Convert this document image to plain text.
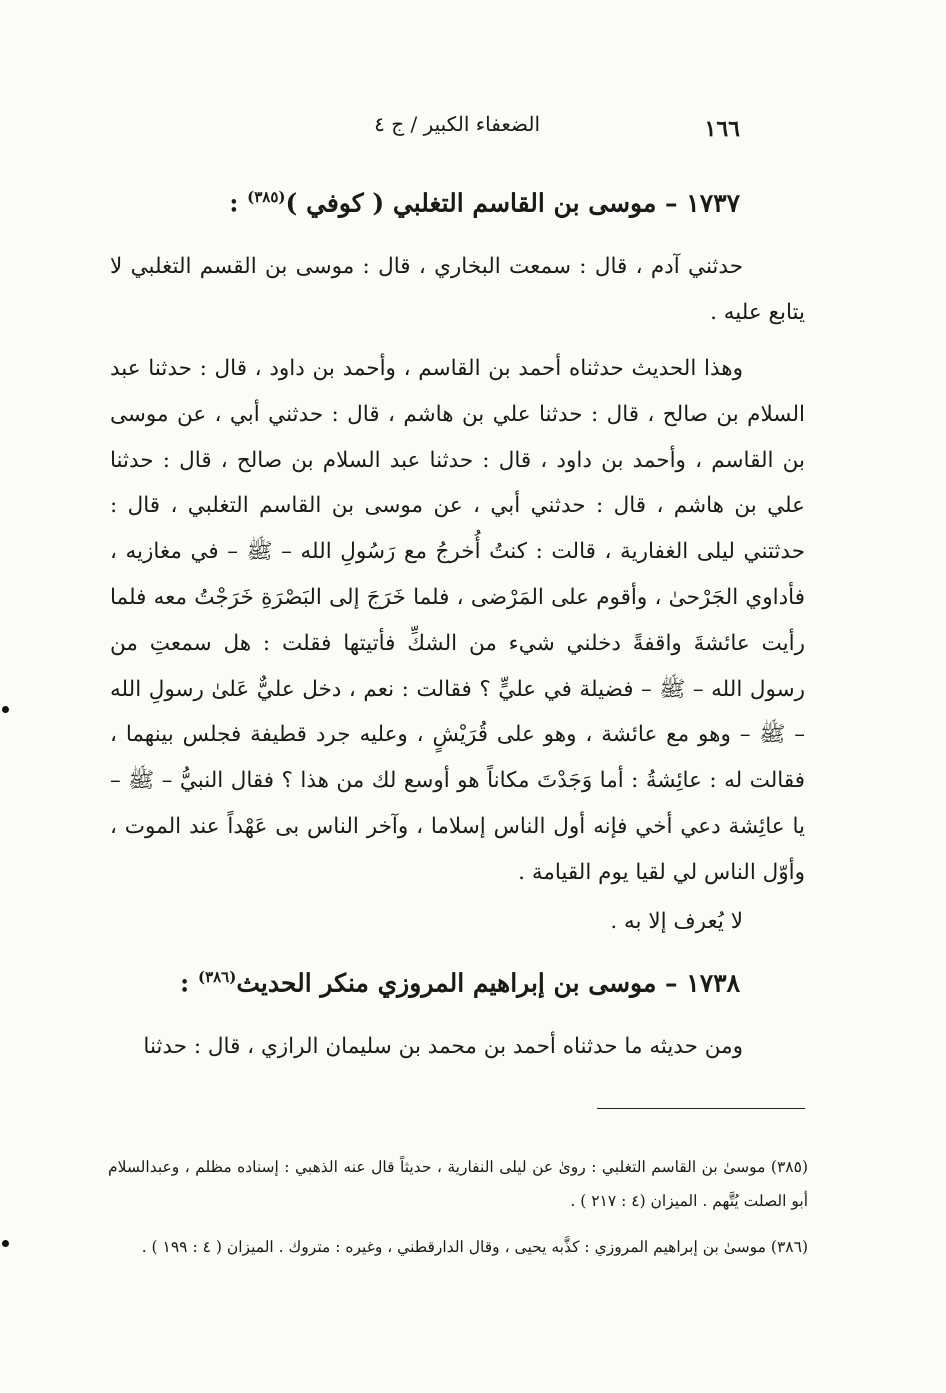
١٦٦
الضعفاء الكبير / ج ٤
١٧٣٧ – موسى بن القاسم التغلبي ( كوفي )$^{(٣٨٥)}$ :
حدثني آدم ، قال : سمعت البخاري ، قال : موسى بن القسم التغلبي لا يتابع عليه .
وهذا الحديث حدثناه أحمد بن القاسم ، وأحمد بن داود ، قال : حدثنا عبد السلام بن صالح ، قال : حدثنا علي بن هاشم ، قال : حدثني أبي ، عن موسى بن القاسم ، وأحمد بن داود ، قال : حدثنا عبد السلام بن صالح ، قال : حدثنا علي بن هاشم ، قال : حدثني أبي ، عن موسى بن القاسم التغلبي ، قال : حدثتني ليلى الغفارية ، قالت : كنتُ أُخرجُ مع رَسُولِ الله – ﷺ – في مغازيه ، فأداوي الجَرْحىٰ ، وأقوم على المَرْضى ، فلما خَرَجَ إلى البَصْرَةِ خَرَجْتُ معه فلما رأيت عائشةَ واقفةً دخلني شيء من الشكِّ فأتيتها فقلت : هل سمعتِ من رسول الله – ﷺ – فضيلة في عليٍّ ؟ فقالت : نعم ، دخل عليٌّ عَلىٰ رسولِ الله – ﷺ – وهو مع عائشة ، وهو على قُرَيْشٍ ، وعليه جرد قطيفة فجلس بينهما ، فقالت له : عائِشةُ : أما وَجَدْتَ مكاناً هو أوسع لك من هذا ؟ فقال النبيُّ – ﷺ – يا عائِشة دعي أخي فإنه أول الناس إسلاما ، وآخر الناس بى عَهْداً عند الموت ، وأوّل الناس لي لقيا يوم القيامة .
لا يُعرف إلا به .
١٧٣٨ – موسى بن إبراهيم المروزي منكر الحديث$^{(٣٨٦)}$ :
ومن حديثه ما حدثناه أحمد بن محمد بن سليمان الرازي ، قال : حدثنا
(٣٨٥) موسىٰ بن القاسم التغلبي : روىٰ عن ليلى النفارية ، حديثاً قال عنه الذهبي : إسناده مظلم ، وعبدالسلام أبو الصلت يُتَّهم . الميزان (٤ : ٢١٧ ) .
(٣٨٦) موسىٰ بن إبراهيم المروزي : كذَّبه يحيى ، وقال الدارقطني ، وغيره : متروك . الميزان ( ٤ : ١٩٩ ) .
